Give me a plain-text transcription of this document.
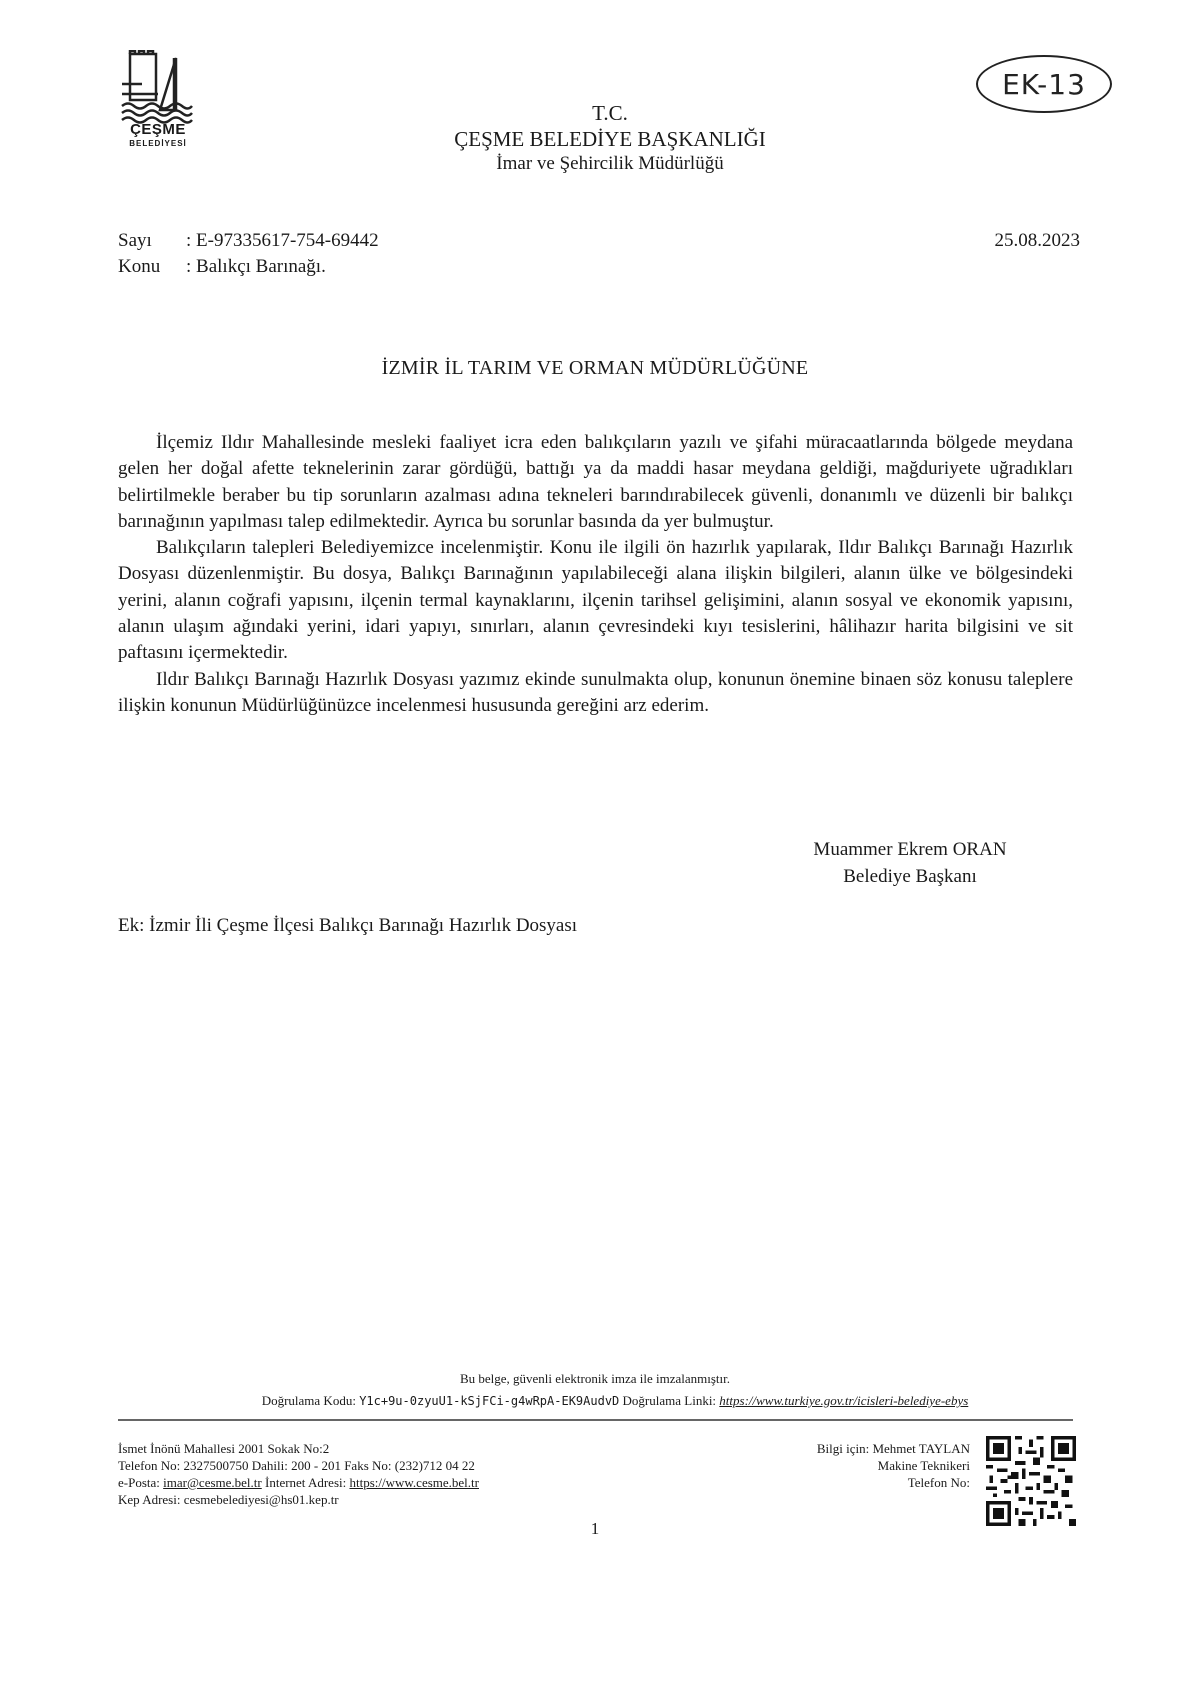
ÇEŞME
BELEDİYESİ
EK-13
T.C.
ÇEŞME BELEDİYE BAŞKANLIĞI
İmar ve Şehircilik Müdürlüğü
Sayı : E-97335617-754-69442
Konu : Balıkçı Barınağı.
25.08.2023
İZMİR İL TARIM VE ORMAN MÜDÜRLÜĞÜNE

İlçemiz Ildır Mahallesinde mesleki faaliyet icra eden balıkçıların yazılı ve şifahi müracaatlarında bölgede meydana gelen her doğal afette teknelerinin zarar gördüğü, battığı ya da maddi hasar meydana geldiği, mağduriyete uğradıkları belirtilmekle beraber bu tip sorunların azalması adına tekneleri barındırabilecek güvenli, donanımlı ve düzenli bir balıkçı barınağının yapılması talep edilmektedir. Ayrıca bu sorunlar basında da yer bulmuştur.

Balıkçıların talepleri Belediyemizce incelenmiştir. Konu ile ilgili ön hazırlık yapılarak, Ildır Balıkçı Barınağı Hazırlık Dosyası düzenlenmiştir. Bu dosya, Balıkçı Barınağının yapılabileceği alana ilişkin bilgileri, alanın ülke ve bölgesindeki yerini, alanın coğrafi yapısını, ilçenin termal kaynaklarını, ilçenin tarihsel gelişimini, alanın sosyal ve ekonomik yapısını, alanın ulaşım ağındaki yerini, idari yapıyı, sınırları, alanın çevresindeki kıyı tesislerini, hâlihazır harita bilgisini ve sit paftasını içermektedir.

Ildır Balıkçı Barınağı Hazırlık Dosyası yazımız ekinde sunulmakta olup, konunun önemine binaen söz konusu taleplere ilişkin konunun Müdürlüğünüzce incelenmesi hususunda gereğini arz ederim.

Muammer Ekrem ORAN
Belediye Başkanı
Ek: İzmir İli Çeşme İlçesi Balıkçı Barınağı Hazırlık Dosyası
Bu belge, güvenli elektronik imza ile imzalanmıştır.
Doğrulama Kodu: Y1c+9u-0zyuU1-kSjFCi-g4wRpA-EK9AudvD Doğrulama Linki: https://www.turkiye.gov.tr/icisleri-belediye-ebys
İsmet İnönü Mahallesi 2001 Sokak No:2
Telefon No: 2327500750 Dahili: 200 - 201 Faks No: (232)712 04 22
e-Posta: imar@cesme.bel.tr İnternet Adresi: https://www.cesme.bel.tr
Kep Adresi: cesmebelediyesi@hs01.kep.tr
Bilgi için: Mehmet TAYLAN
Makine Teknikeri
Telefon No:
1
